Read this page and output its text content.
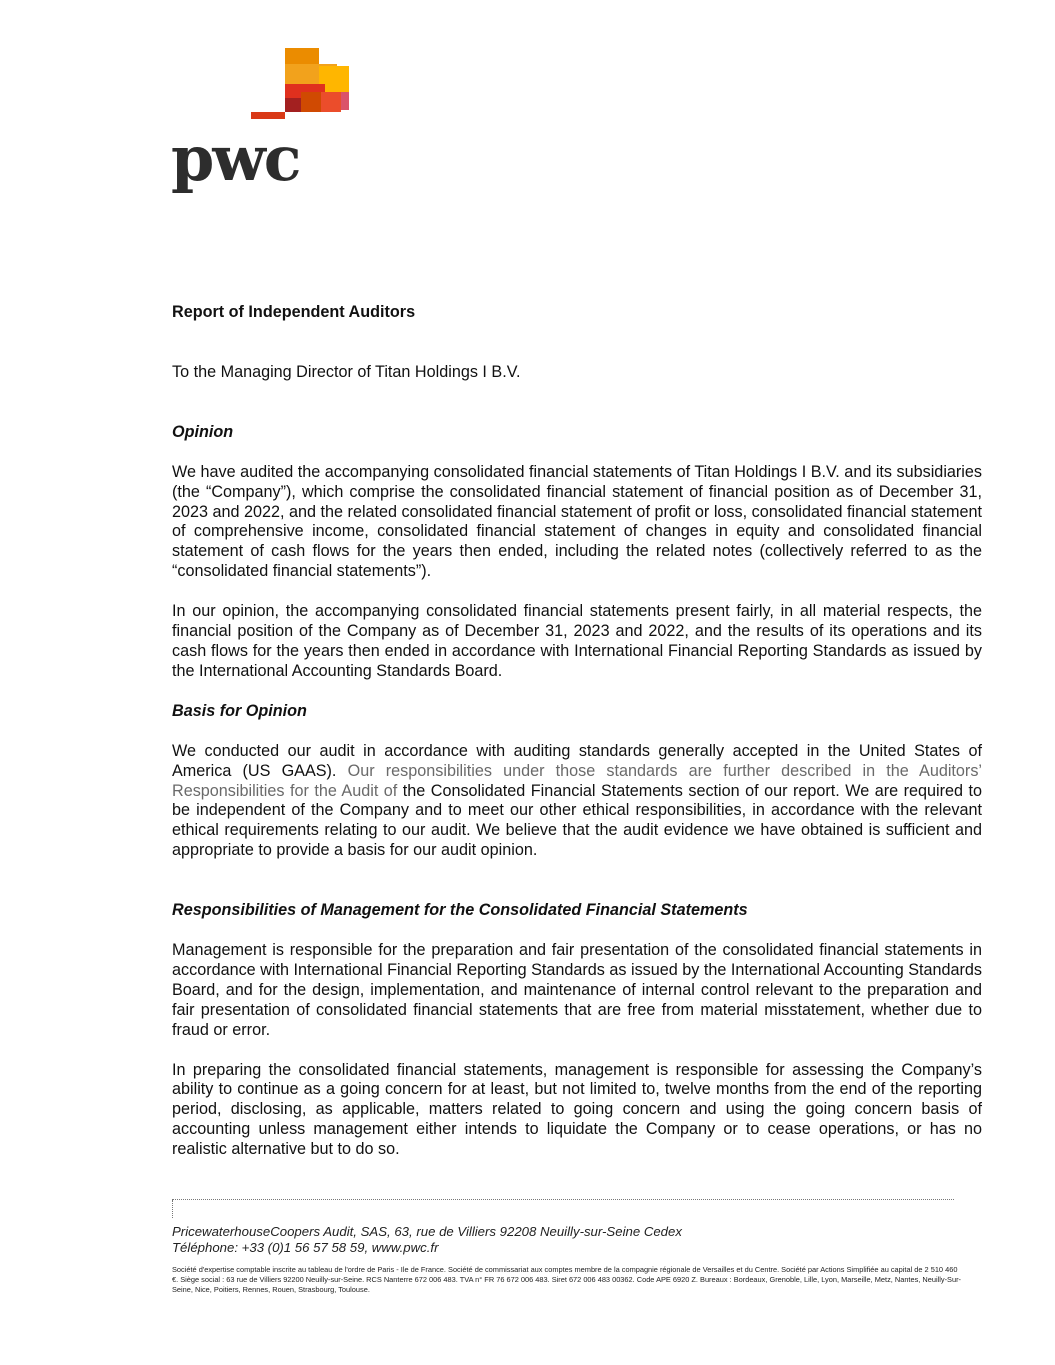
pwc

Report of Independent Auditors

To the Managing Director of Titan Holdings I B.V.

Opinion

We have audited the accompanying consolidated financial statements of Titan Holdings I B.V. and its subsidiaries (the “Company”), which comprise the consolidated financial statement of financial position as of December 31, 2023 and 2022, and the related consolidated financial statement of profit or loss, consolidated financial statement of comprehensive income, consolidated financial statement of changes in equity and consolidated financial statement of cash flows for the years then ended, including the related notes (collectively referred to as the “consolidated financial statements”).

In our opinion, the accompanying consolidated financial statements present fairly, in all material respects, the financial position of the Company as of December 31, 2023 and 2022, and the results of its operations and its cash flows for the years then ended in accordance with International Financial Reporting Standards as issued by the International Accounting Standards Board.

Basis for Opinion

We conducted our audit in accordance with auditing standards generally accepted in the United States of America (US GAAS). Our responsibilities under those standards are further described in the Auditors’ Responsibilities for the Audit of the Consolidated Financial Statements section of our report. We are required to be independent of the Company and to meet our other ethical responsibilities, in accordance with the relevant ethical requirements relating to our audit. We believe that the audit evidence we have obtained is sufficient and appropriate to provide a basis for our audit opinion.

Responsibilities of Management for the Consolidated Financial Statements

Management is responsible for the preparation and fair presentation of the consolidated financial statements in accordance with International Financial Reporting Standards as issued by the International Accounting Standards Board, and for the design, implementation, and maintenance of internal control relevant to the preparation and fair presentation of consolidated financial statements that are free from material misstatement, whether due to fraud or error.

In preparing the consolidated financial statements, management is responsible for assessing the Company’s ability to continue as a going concern for at least, but not limited to, twelve months from the end of the reporting period, disclosing, as applicable, matters related to going concern and using the going concern basis of accounting unless management either intends to liquidate the Company or to cease operations, or has no realistic alternative but to do so.

PricewaterhouseCoopers Audit, SAS, 63, rue de Villiers 92208 Neuilly-sur-Seine Cedex
Téléphone: +33 (0)1 56 57 58 59, www.pwc.fr
Société d'expertise comptable inscrite au tableau de l'ordre de Paris - Ile de France. Société de commissariat aux comptes membre de la compagnie régionale de Versailles et du Centre. Société par Actions Simplifiée au capital de 2 510 460 €. Siège social : 63 rue de Villiers 92200 Neuilly-sur-Seine. RCS Nanterre 672 006 483. TVA n° FR 76 672 006 483. Siret 672 006 483 00362. Code APE 6920 Z. Bureaux : Bordeaux, Grenoble, Lille, Lyon, Marseille, Metz, Nantes, Neuilly-Sur-Seine, Nice, Poitiers, Rennes, Rouen, Strasbourg, Toulouse.
